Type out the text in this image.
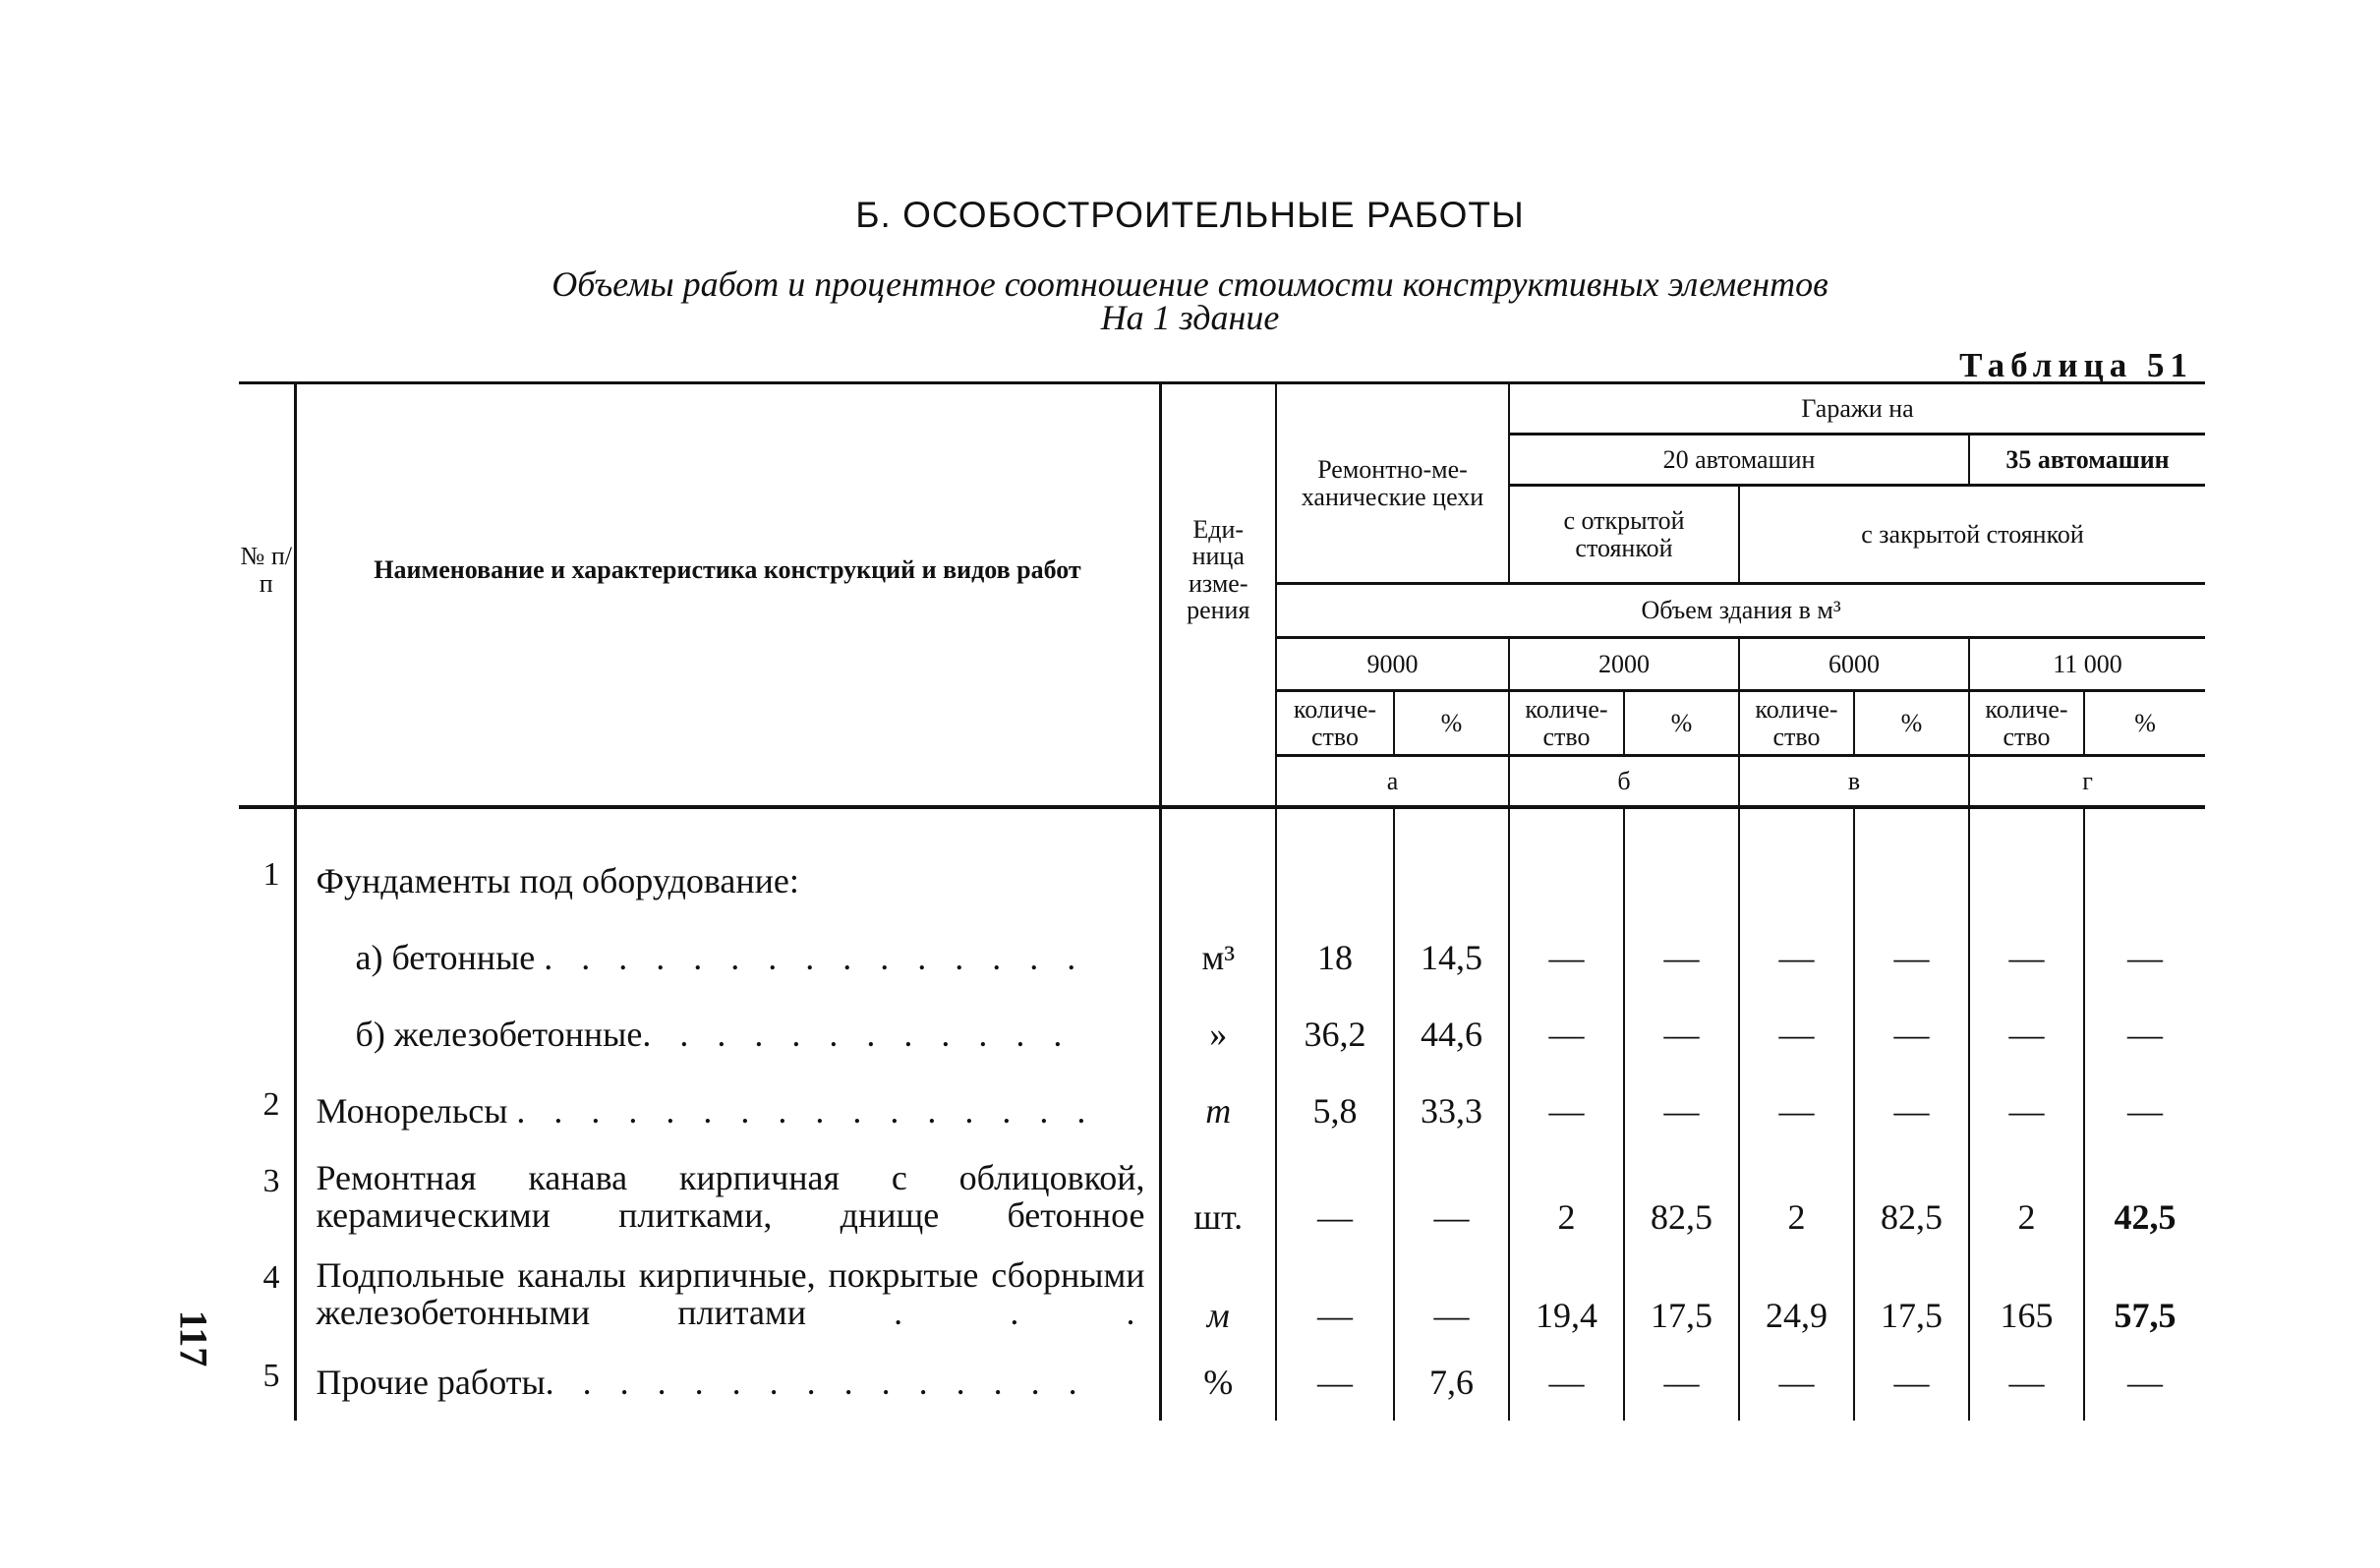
Б. ОСОБОСТРОИТЕЛЬНЫЕ РАБОТЫ
Объемы работ и процентное соотношение стоимости конструктивных элементов
На 1 здание
Таблица 51
№ п/п	Наименование и характеристика конструкций и видов работ	Еди- ница изме- рения	Ремонтно-ме- ханические цехи		Гаражи на					
					20 автомашин				35 автомашин	
					с открытой стоянкой		с закрытой стоянкой			
			Объем здания в м³							
			9000		2000		6000		11 000	
			количе- ство	%	количе- ство	%	количе- ство	%	количе- ство	%
			а		б		в		г	

1	Фундаменты под оборудование:									
	а) бетонные . . . . . . . . . . . . . . .	м³	18	14,5	—	—	—	—	—	—
	б) железобетонные. . . . . . . . . . . .	»	36,2	44,6	—	—	—	—	—	—
2	Монорельсы . . . . . . . . . . . . . . . .	т	5,8	33,3	—	—	—	—	—	—
3	Ремонтная канава кирпичная с облицовкой, керамическими плитками, днище бетонное	шт.	—	—	2	82,5	2	82,5	2	42,5
4	Подпольные каналы кирпичные, покрытые сборными железобетонными плитами . . .	м	—	—	19,4	17,5	24,9	17,5	165	57,5
5	Прочие работы. . . . . . . . . . . . . . .	%	—	7,6	—	—	—	—	—	—
117
